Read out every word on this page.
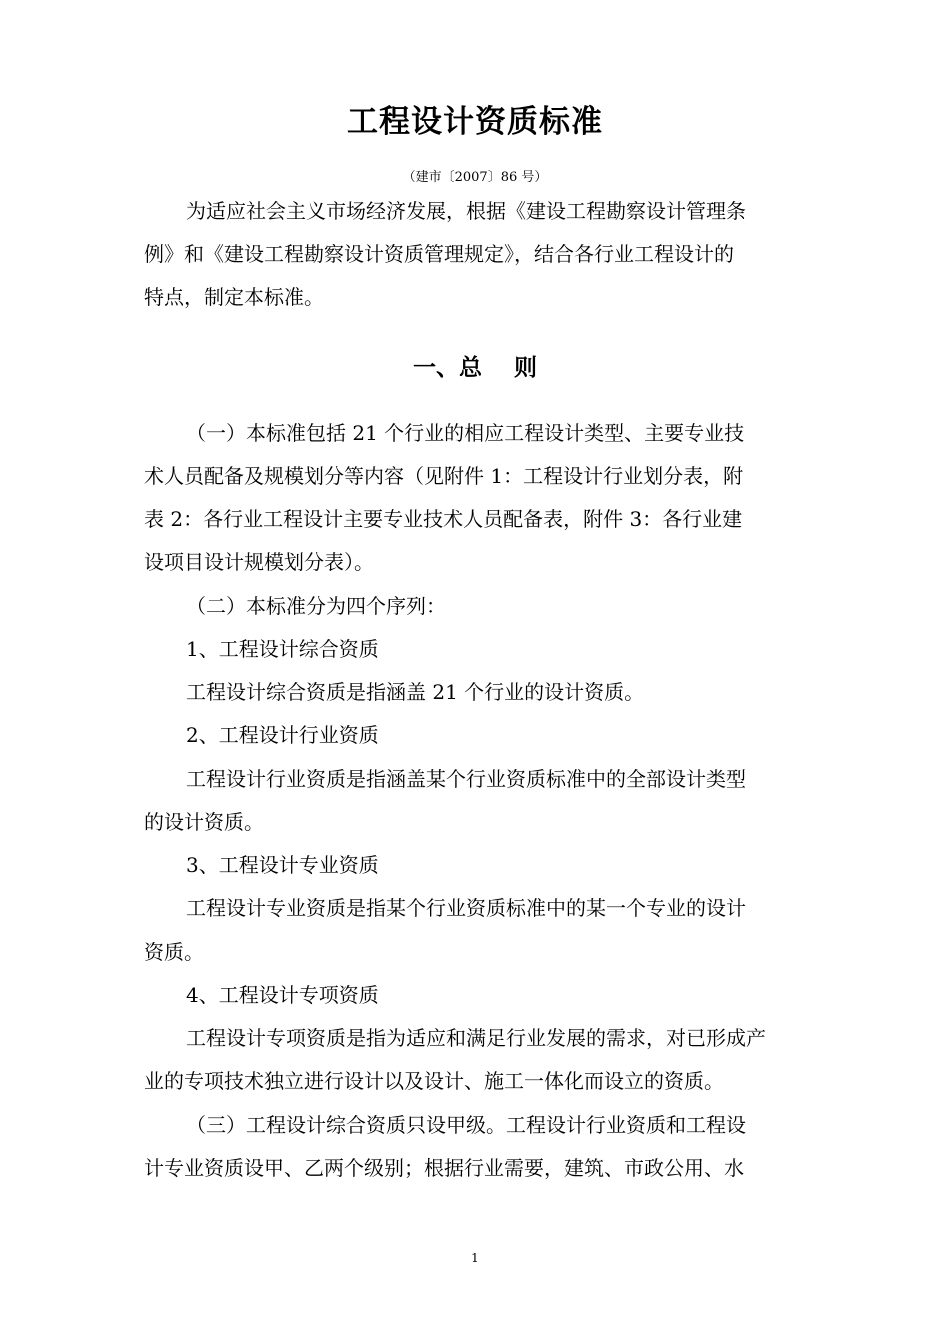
工程设计资质标准
（建市〔2007〕86 号）
为适应社会主义市场经济发展，根据《建设工程勘察设计管理条
例》和《建设工程勘察设计资质管理规定》，结合各行业工程设计的
特点，制定本标准。
一、总    则
（一）本标准包括 21 个行业的相应工程设计类型、主要专业技
术人员配备及规模划分等内容（见附件 1：工程设计行业划分表，附
表 2：各行业工程设计主要专业技术人员配备表，附件 3：各行业建
设项目设计规模划分表）。
（二）本标准分为四个序列：
1、工程设计综合资质
工程设计综合资质是指涵盖 21 个行业的设计资质。
2、工程设计行业资质
工程设计行业资质是指涵盖某个行业资质标准中的全部设计类型
的设计资质。
3、工程设计专业资质
工程设计专业资质是指某个行业资质标准中的某一个专业的设计
资质。
4、工程设计专项资质
工程设计专项资质是指为适应和满足行业发展的需求，对已形成产
业的专项技术独立进行设计以及设计、施工一体化而设立的资质。
（三）工程设计综合资质只设甲级。工程设计行业资质和工程设
计专业资质设甲、乙两个级别；根据行业需要，建筑、市政公用、水
1
